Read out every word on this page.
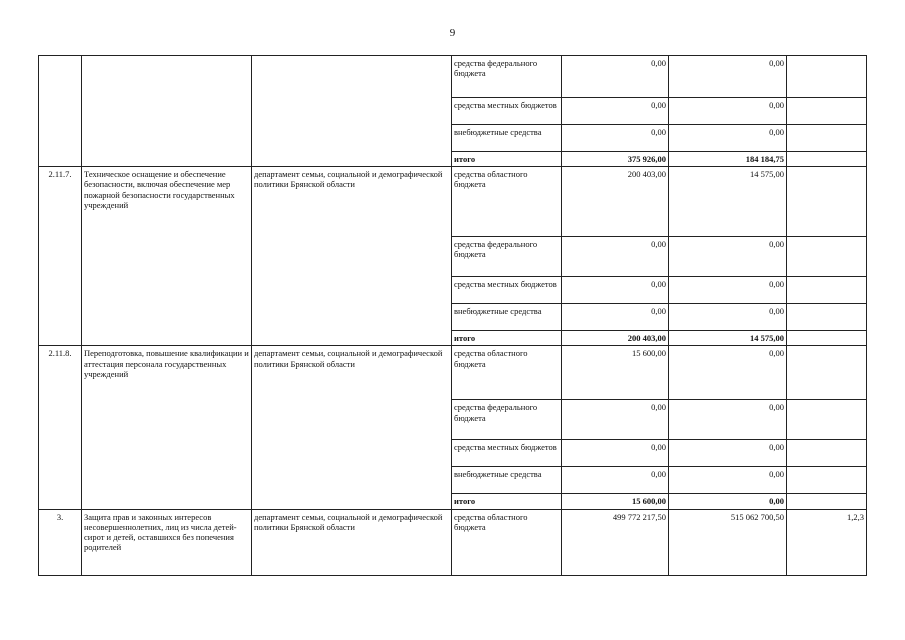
9
			средства федерального бюджета	0,00	0,00	
			средства местных бюджетов	0,00	0,00	
			внебюджетные средства	0,00	0,00	
			итого	375 926,00	184 184,75	
2.11.7.	Техническое оснащение и обеспечение безопасности, включая обеспечение мер пожарной безопасности государственных учреждений	департамент семьи, социальной и демографической политики Брянской области	средства областного бюджета	200 403,00	14 575,00	
			средства федерального бюджета	0,00	0,00	
			средства местных бюджетов	0,00	0,00	
			внебюджетные средства	0,00	0,00	
			итого	200 403,00	14 575,00	
2.11.8.	Переподготовка, повышение квалификации и аттестация персонала государственных учреждений	департамент семьи, социальной и демографической политики Брянской области	средства областного бюджета	15 600,00	0,00	
			средства федерального бюджета	0,00	0,00	
			средства местных бюджетов	0,00	0,00	
			внебюджетные средства	0,00	0,00	
			итого	15 600,00	0,00	
3.	Защита прав и законных интересов несовершеннолетних, лиц из числа детей-сирот и детей, оставшихся без попечения родителей	департамент семьи, социальной и демографической политики Брянской области	средства областного бюджета	499 772 217,50	515 062 700,50	1,2,3
